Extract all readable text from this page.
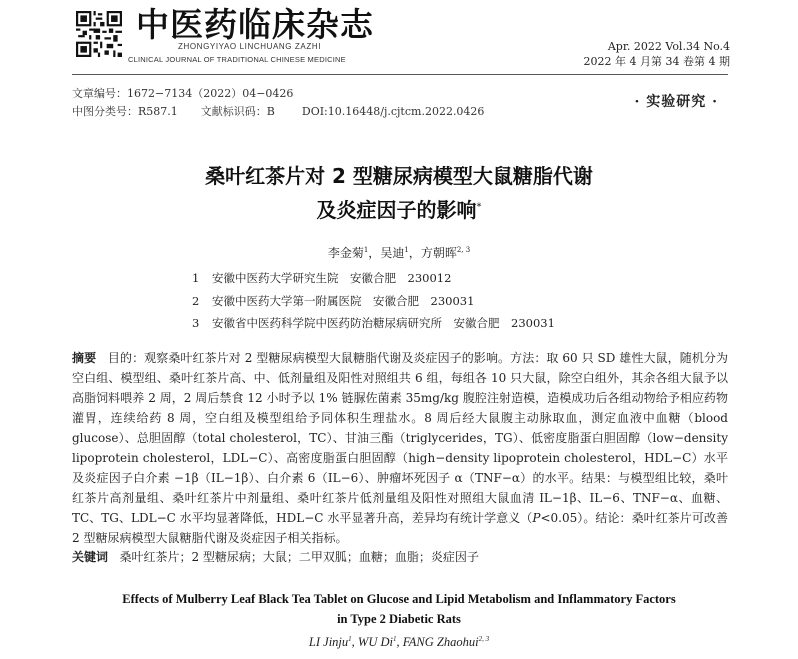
中医药临床杂志
ZHONGYIYAO LINCHUANG ZAZHI
CLINICAL JOURNAL OF TRADITIONAL CHINESE MEDICINE
Apr. 2022 Vol.34 No.4
2022 年 4 月第 34 卷第 4 期
文章编号：1672−7134（2022）04−0426
中图分类号：R587.1 文献标识码：B DOI:10.16448/j.cjtcm.2022.0426
· 实验研究 ·
桑叶红茶片对 2 型糖尿病模型大鼠糖脂代谢
及炎症因子的影响*
李金菊$^1$，吴迪$^1$，方朝晖$^{2, 3}$
1 安徽中医药大学研究生院　安徽合肥　230012
2 安徽中医药大学第一附属医院　安徽合肥　230031
3 安徽省中医药科学院中医药防治糖尿病研究所　安徽合肥　230031
摘要 目的：观察桑叶红茶片对 2 型糖尿病模型大鼠糖脂代谢及炎症因子的影响。方法：取 60 只 SD 雄性大鼠，随机分为空白组、模型组、桑叶红茶片高、中、低剂量组及阳性对照组共 6 组，每组各 10 只大鼠，除空白组外，其余各组大鼠予以高脂饲料喂养 2 周，2 周后禁食 12 小时予以 1% 链脲佐菌素 35mg/kg 腹腔注射造模，造模成功后各组动物给予相应药物灌胃，连续给药 8 周，空白组及模型组给予同体积生理盐水。8 周后经大鼠腹主动脉取血，测定血液中血糖（blood glucose）、总胆固醇（total cholesterol，TC）、甘油三酯（triglycerides，TG）、低密度脂蛋白胆固醇（low−density lipoprotein cholesterol，LDL−C）、高密度脂蛋白胆固醇（high−density lipoprotein cholesterol，HDL−C）水平及炎症因子白介素 −1β（IL−1β）、白介素 6（IL−6）、肿瘤坏死因子 α（TNF−α）的水平。结果：与模型组比较，桑叶红茶片高剂量组、桑叶红茶片中剂量组、桑叶红茶片低剂量组及阳性对照组大鼠血清 IL−1β、IL−6、TNF−α、血糖、TC、TG、LDL−C 水平均显著降低，HDL−C 水平显著升高，差异均有统计学意义（P<0.05）。结论：桑叶红茶片可改善 2 型糖尿病模型大鼠糖脂代谢及炎症因子相关指标。
关键词 桑叶红茶片；2 型糖尿病；大鼠；二甲双胍；血糖；血脂；炎症因子
Effects of Mulberry Leaf Black Tea Tablet on Glucose and Lipid Metabolism and Inflammatory Factors
in Type 2 Diabetic Rats
LI Jinju$^1$, WU Di$^1$, FANG Zhaohui$^{2, 3}$
